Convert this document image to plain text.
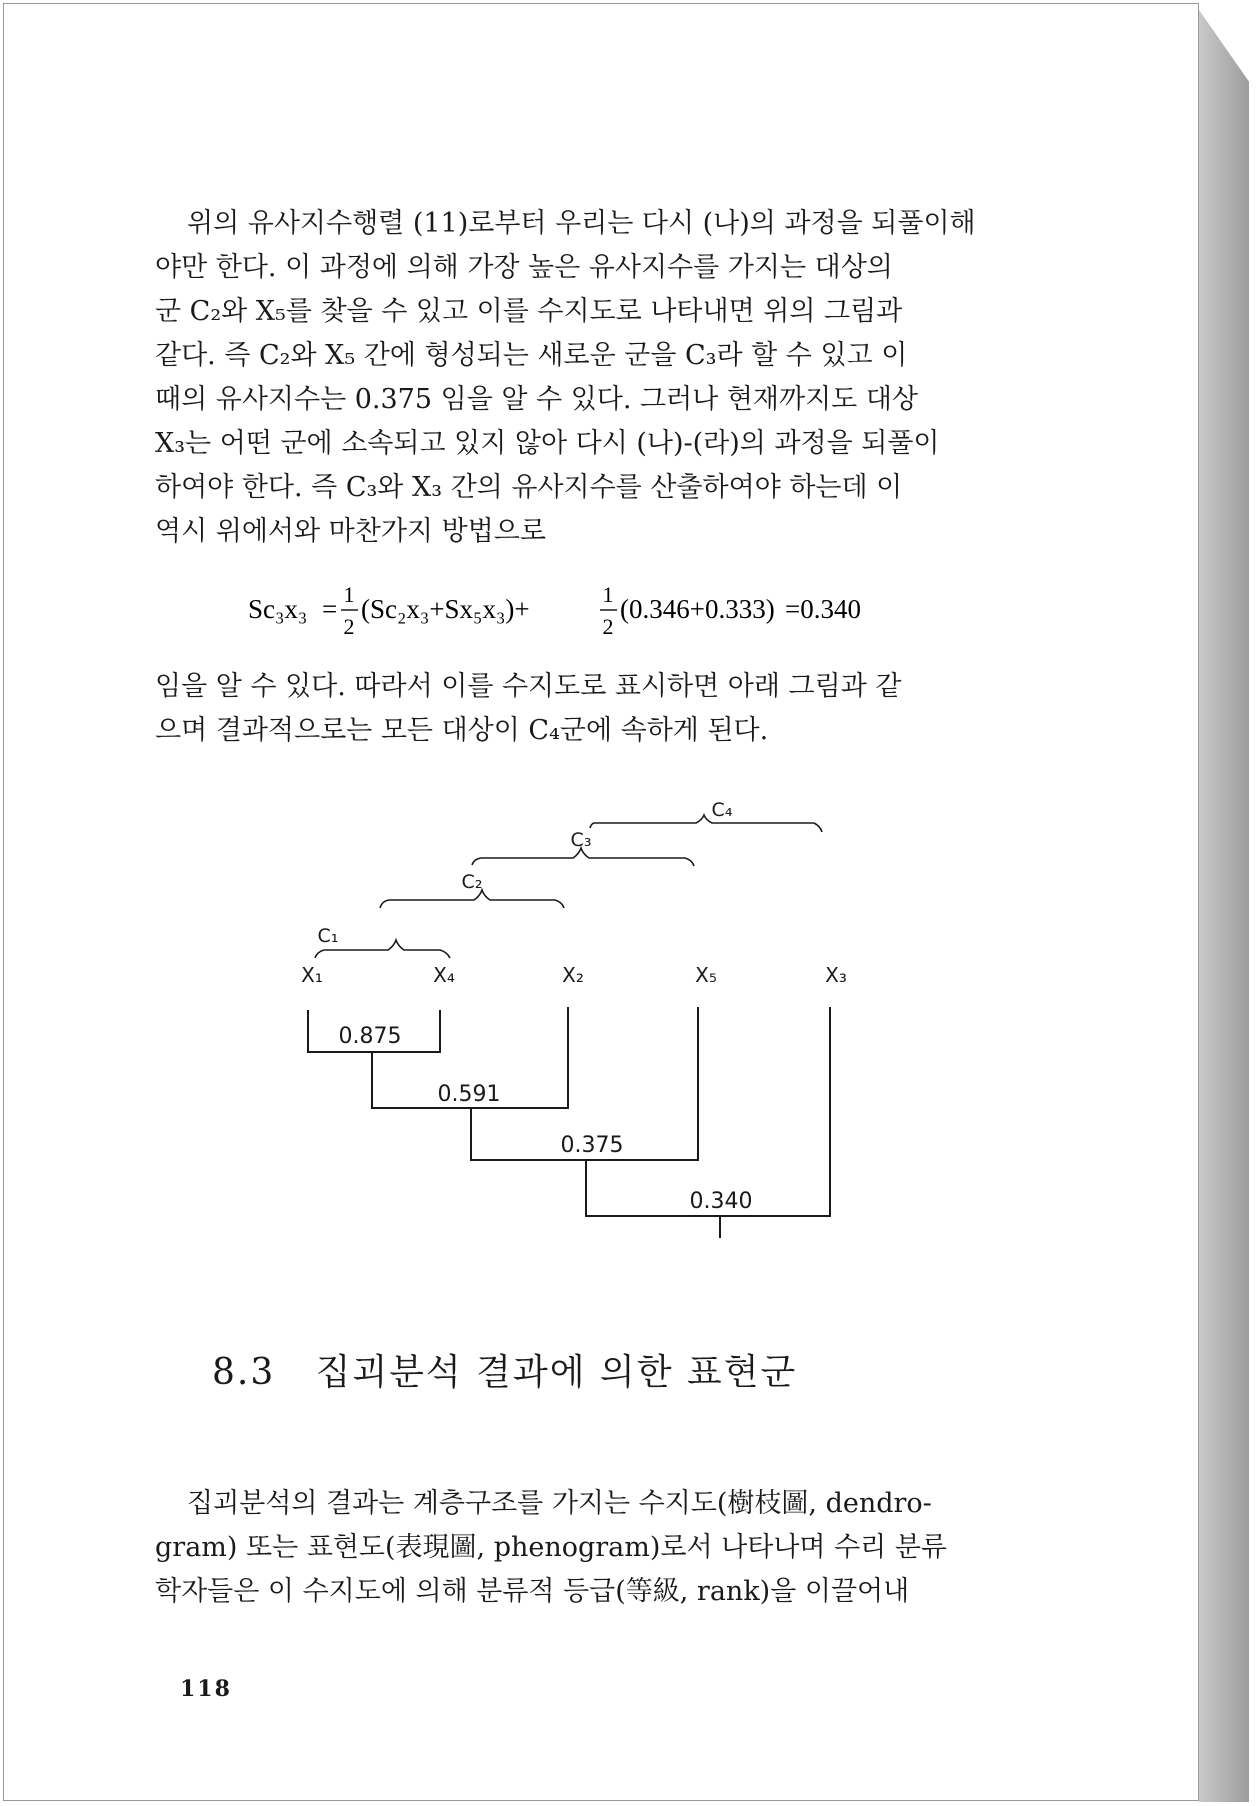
위의 유사지수행렬 (11)로부터 우리는 다시 (나)의 과정을 되풀이해
야만 한다. 이 과정에 의해 가장 높은 유사지수를 가지는 대상의
군 C₂와 X₅를 찾을 수 있고 이를 수지도로 나타내면 위의 그림과
같다. 즉 C₂와 X₅ 간에 형성되는 새로운 군을 C₃라 할 수 있고 이
때의 유사지수는 0.375 임을 알 수 있다. 그러나 현재까지도 대상
X₃는 어떤 군에 소속되고 있지 않아 다시 (나)-(라)의 과정을 되풀이
하여야 한다. 즉 C₃와 X₃ 간의 유사지수를 산출하여야 하는데 이
역시 위에서와 마찬가지 방법으로

Sc₃x₃ = 1
2
(Sc₂x₃+Sx₅x₃)+	1
2
(0.346+0.333) =0.340

임을 알 수 있다. 따라서 이를 수지도로 표시하면 아래 그림과 같
으며 결과적으로는 모든 대상이 C₄군에 속하게 된다.

C₁
C₂
C₃
C₄
X₁	X₄	X₂	X₅	X₃
0.875
0.591
0.375
0.340
8.3 집괴분석 결과에 의한 표현군

집괴분석의 결과는 계층구조를 가지는 수지도(樹枝圖, dendro-
gram) 또는 표현도(表現圖, phenogram)로서 나타나며 수리 분류
학자들은 이 수지도에 의해 분류적 등급(等級, rank)을 이끌어내

118
